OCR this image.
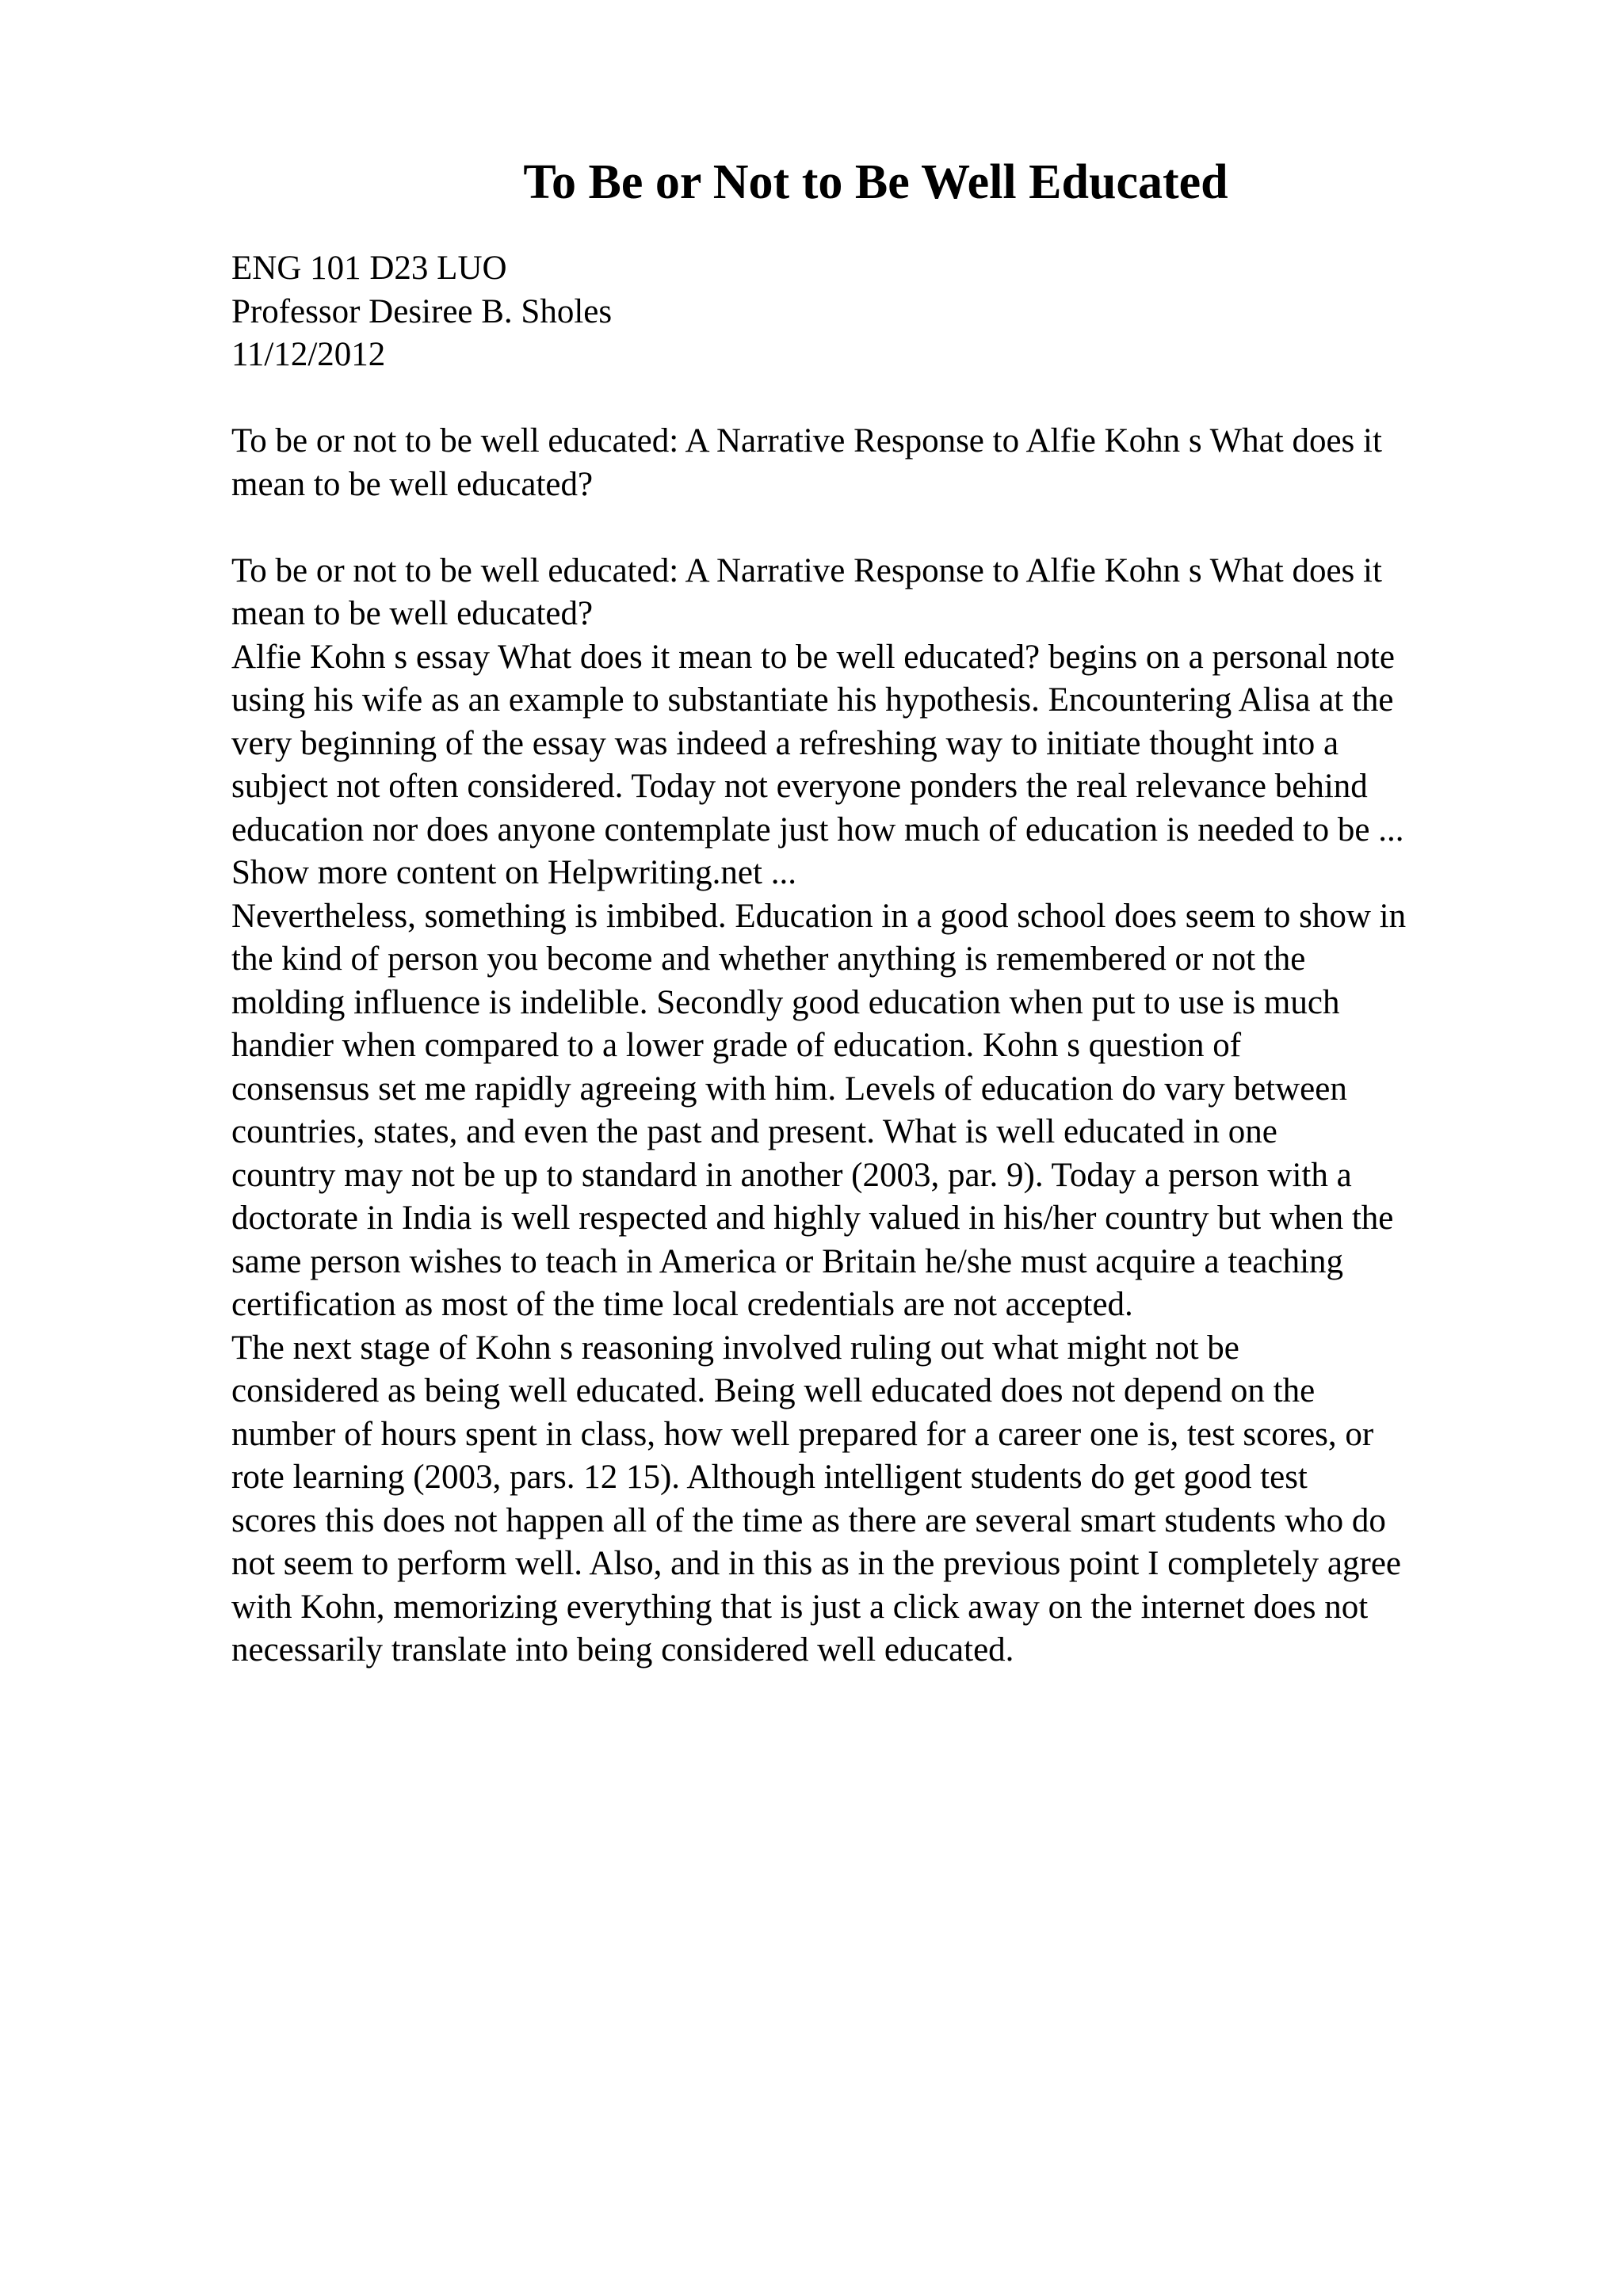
To Be or Not to Be Well Educated
ENG 101 D23 LUO
Professor Desiree B. Sholes
11/12/2012
To be or not to be well educated: A Narrative Response to Alfie Kohn s What does it
mean to be well educated?
To be or not to be well educated: A Narrative Response to Alfie Kohn s What does it
mean to be well educated?
Alfie Kohn s essay What does it mean to be well educated? begins on a personal note
using his wife as an example to substantiate his hypothesis. Encountering Alisa at the
very beginning of the essay was indeed a refreshing way to initiate thought into a
subject not often considered. Today not everyone ponders the real relevance behind
education nor does anyone contemplate just how much of education is needed to be ...
Show more content on Helpwriting.net ...
Nevertheless, something is imbibed. Education in a good school does seem to show in
the kind of person you become and whether anything is remembered or not the
molding influence is indelible. Secondly good education when put to use is much
handier when compared to a lower grade of education. Kohn s question of
consensus set me rapidly agreeing with him. Levels of education do vary between
countries, states, and even the past and present. What is well educated in one
country may not be up to standard in another (2003, par. 9). Today a person with a
doctorate in India is well respected and highly valued in his/her country but when the
same person wishes to teach in America or Britain he/she must acquire a teaching
certification as most of the time local credentials are not accepted.
The next stage of Kohn s reasoning involved ruling out what might not be
considered as being well educated. Being well educated does not depend on the
number of hours spent in class, how well prepared for a career one is, test scores, or
rote learning (2003, pars. 12 15). Although intelligent students do get good test
scores this does not happen all of the time as there are several smart students who do
not seem to perform well. Also, and in this as in the previous point I completely agree
with Kohn, memorizing everything that is just a click away on the internet does not
necessarily translate into being considered well educated.
